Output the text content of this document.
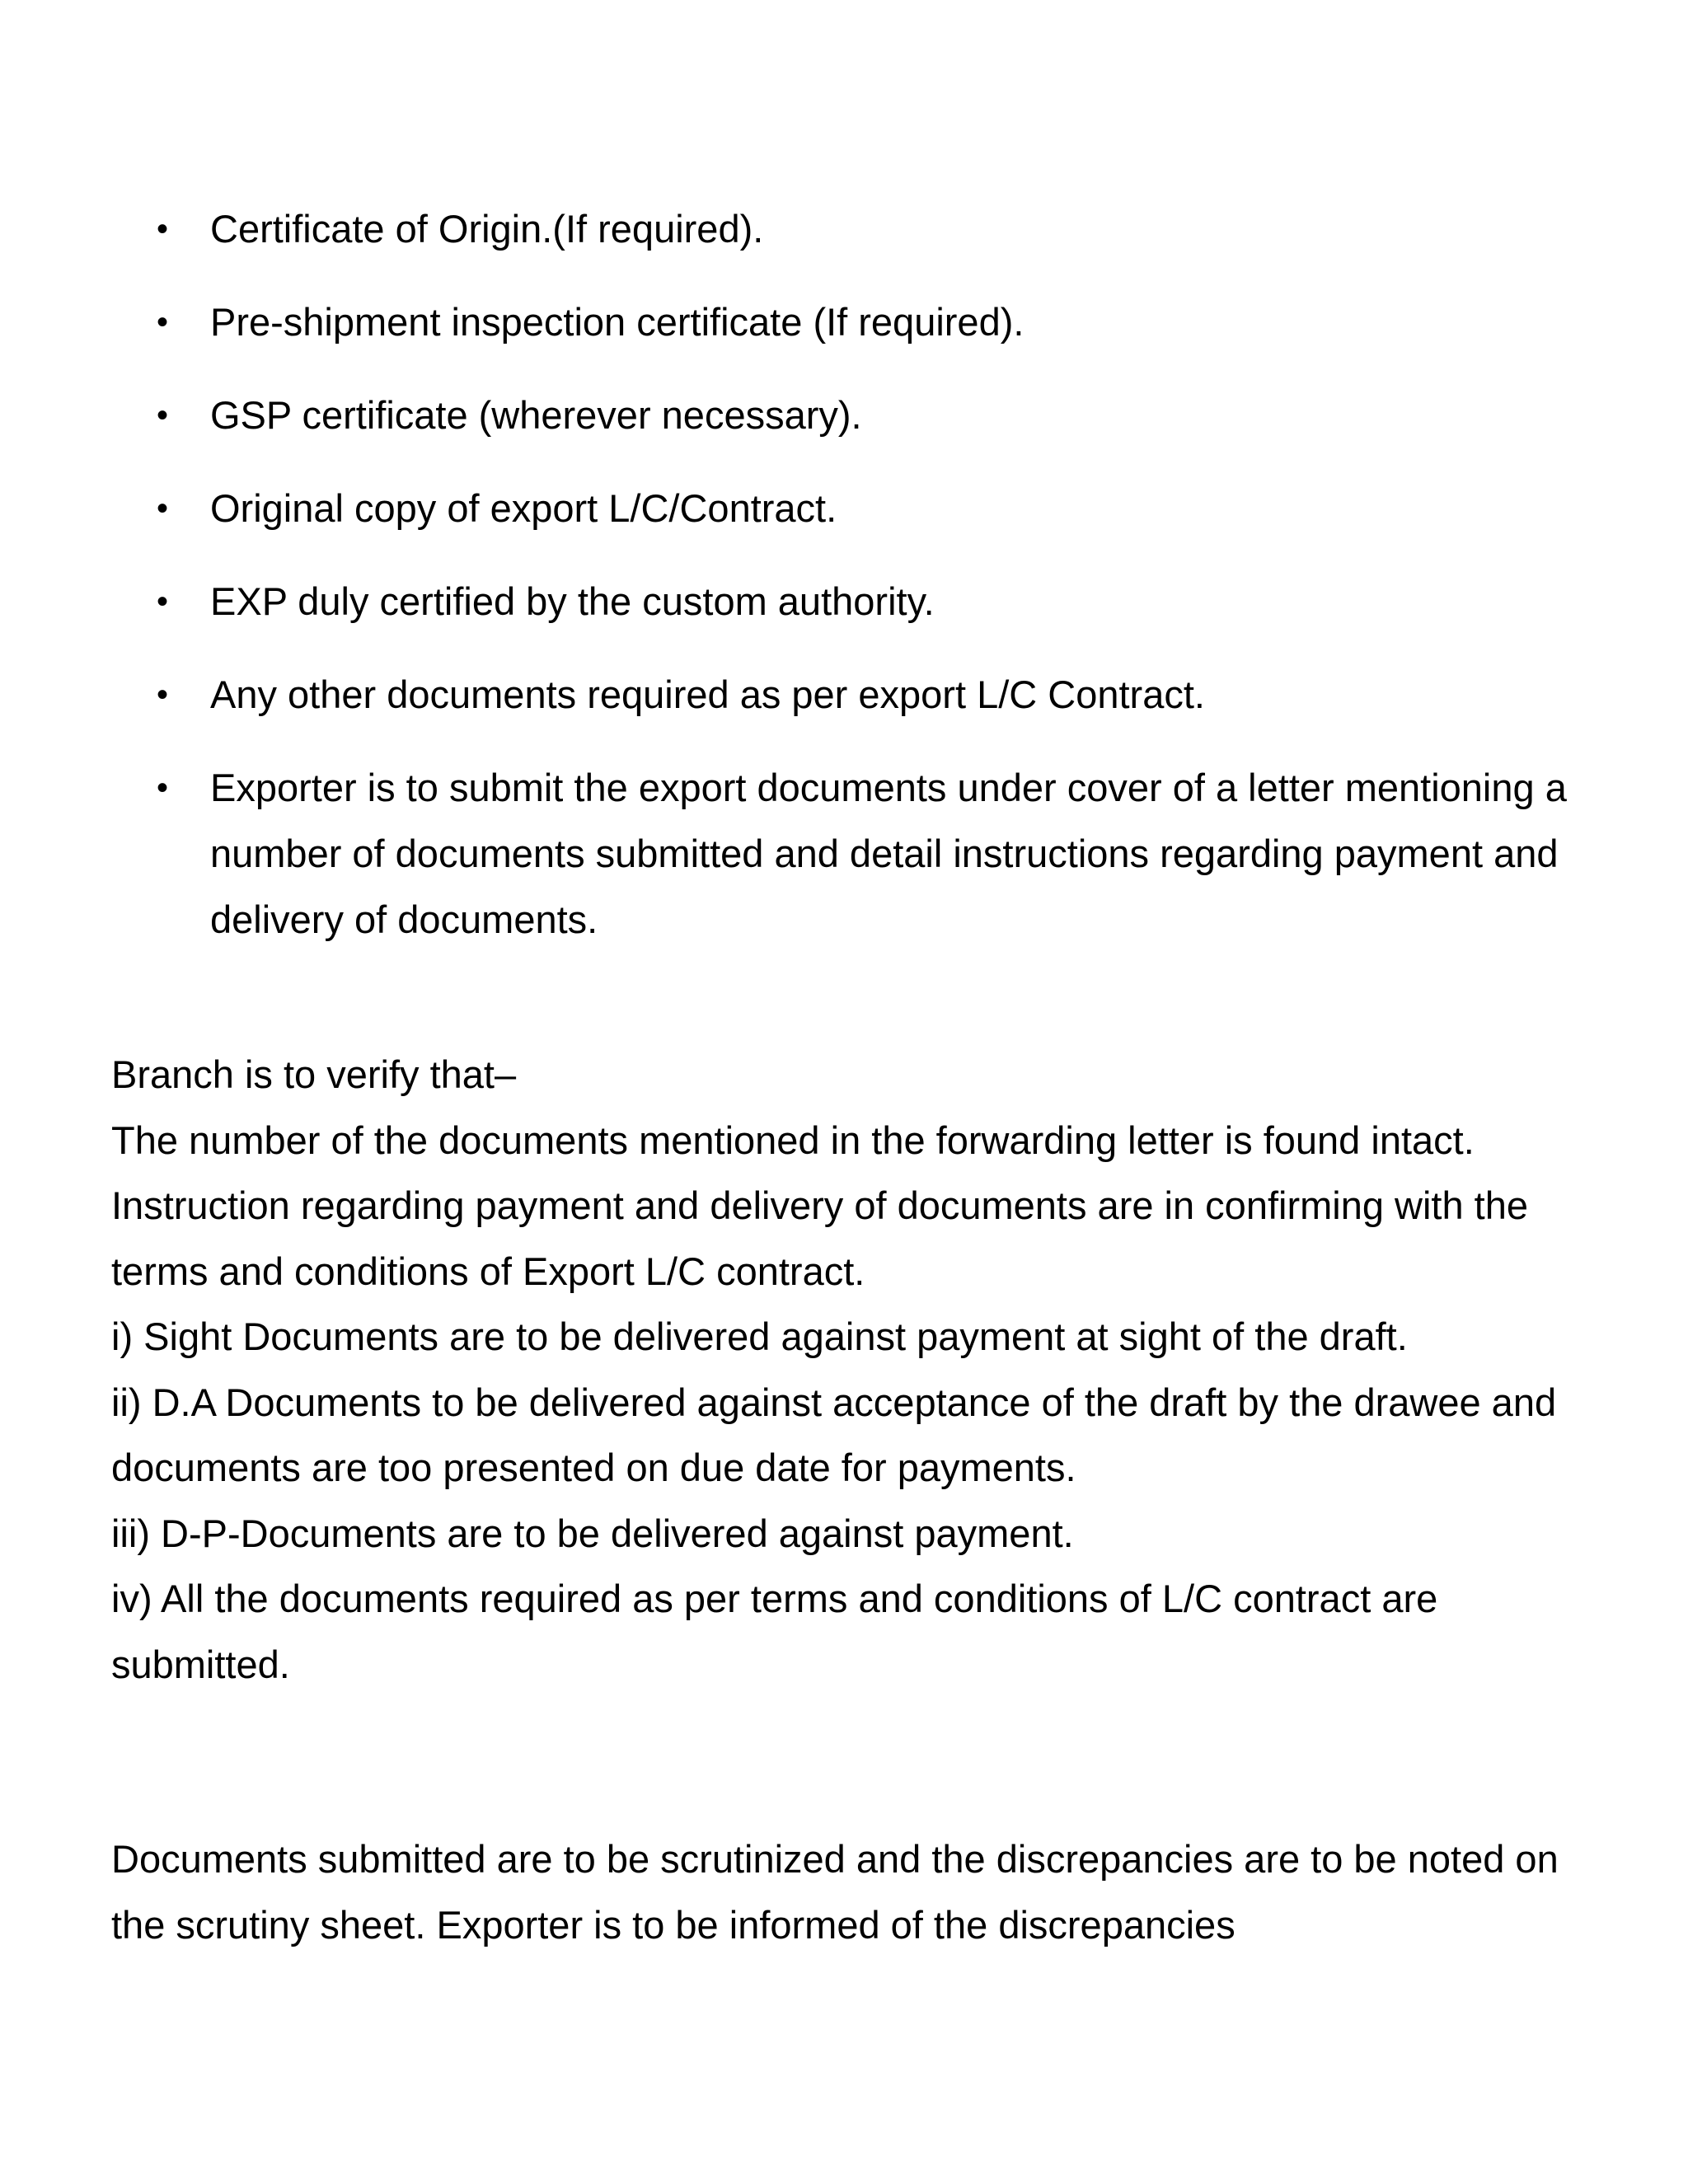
• Certificate of Origin.(If required).
• Pre-shipment inspection certificate (If required).
• GSP certificate (wherever necessary).
• Original copy of export L/C/Contract.
• EXP duly certified by the custom authority.
• Any other documents required as per export L/C Contract.
• Exporter is to submit the export documents under cover of a letter mentioning a number of documents submitted and detail instructions regarding payment and delivery of documents.

Branch is to verify that–

The number of the documents mentioned in the forwarding letter is found intact.

Instruction regarding payment and delivery of documents are in confirming with the terms and conditions of Export L/C contract.

i) Sight Documents are to be delivered against payment at sight of the draft.

ii) D.A Documents to be delivered against acceptance of the draft by the drawee and documents are too presented on due date for payments.

iii) D-P-Documents are to be delivered against payment.

iv) All the documents required as per terms and conditions of L/C contract are submitted.

Documents submitted are to be scrutinized and the discrepancies are to be noted on the scrutiny sheet. Exporter is to be informed of the discrepancies
